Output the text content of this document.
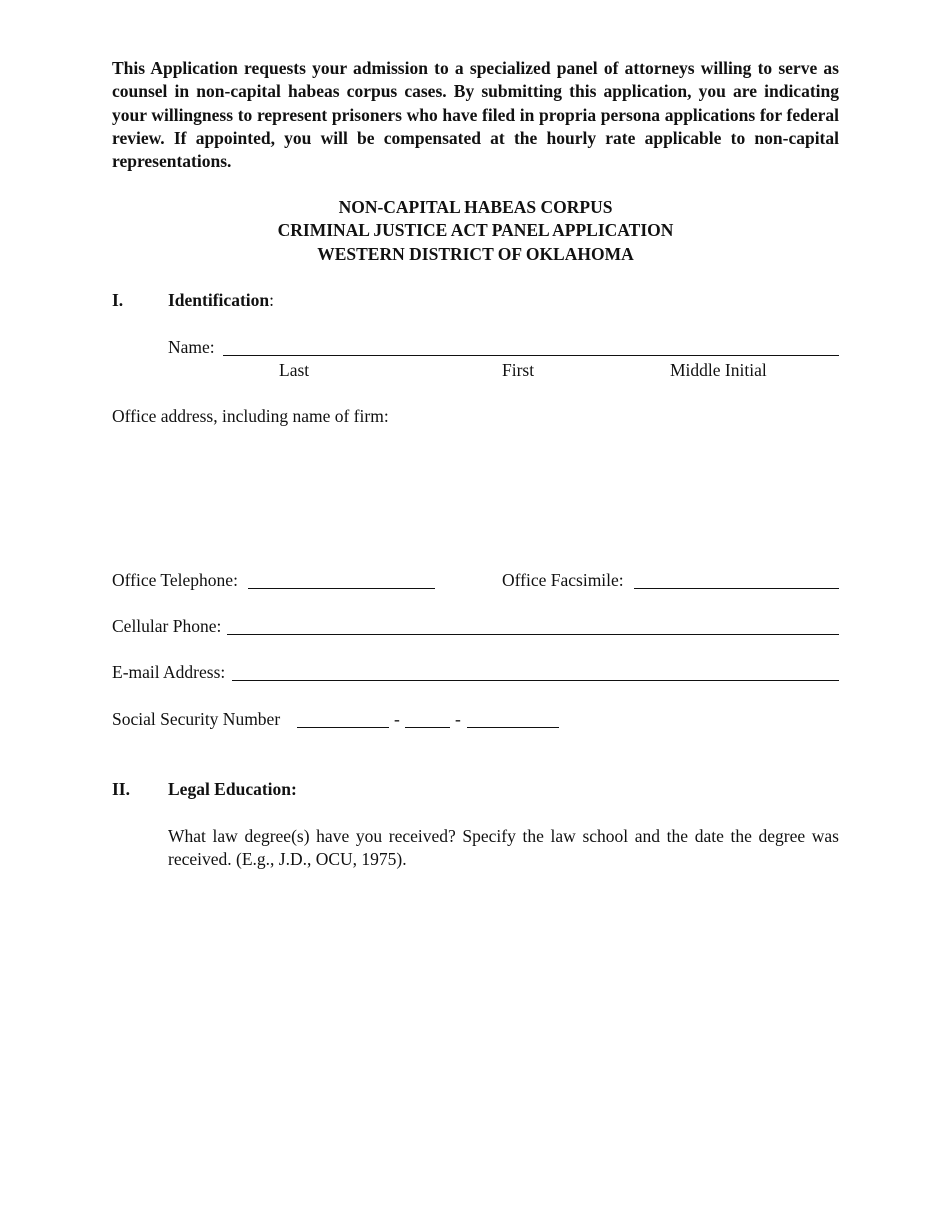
This Application requests your admission to a specialized panel of attorneys willing to serve as counsel in non-capital habeas corpus cases. By submitting this application, you are indicating your willingness to represent prisoners who have filed in propria persona applications for federal review. If appointed, you will be compensated at the hourly rate applicable to non-capital representations.
NON-CAPITAL HABEAS CORPUS
CRIMINAL JUSTICE ACT PANEL APPLICATION
WESTERN DISTRICT OF OKLAHOMA
I.	Identification:
Name:
Last	First	Middle Initial
Office address, including name of firm:
Office Telephone:	Office Facsimile:
Cellular Phone:
E-mail Address:
Social Security Number	-	-
II. Legal Education:
What law degree(s) have you received? Specify the law school and the date the degree was received. (E.g., J.D., OCU, 1975).
